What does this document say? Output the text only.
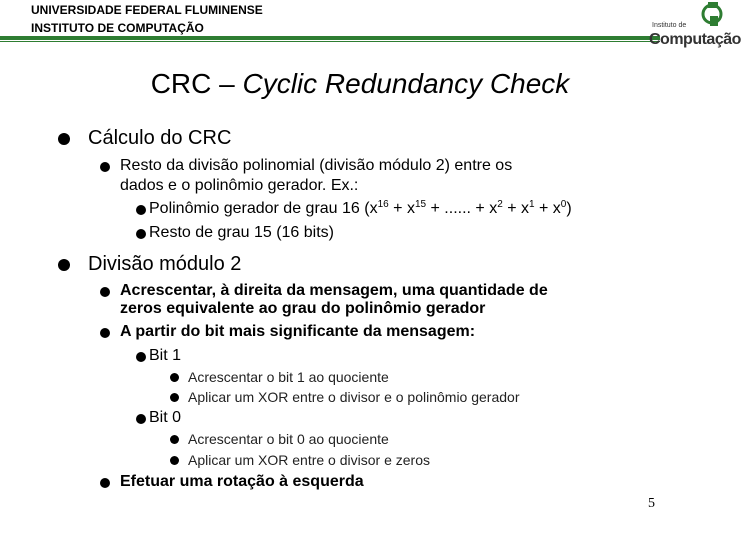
UNIVERSIDADE FEDERAL FLUMINENSE
INSTITUTO DE COMPUTAÇÃO	Instituto de
Computação
CRC – Cyclic Redundancy Check
Cálculo do CRC
Resto da divisão polinomial (divisão módulo 2) entre os
dados e o polinômio gerador. Ex.:
Polinômio gerador de grau 16 ($x^{16} + x^{15}$ + ...... + $x^2 + x^1 + x^0$)
Resto de grau 15 (16 bits)
Divisão módulo 2
Acrescentar, à direita da mensagem, uma quantidade de
zeros equivalente ao grau do polinômio gerador
A partir do bit mais significante da mensagem:
Bit 1
Acrescentar o bit 1 ao quociente
Aplicar um XOR entre o divisor e o polinômio gerador
Bit 0
Acrescentar o bit 0 ao quociente
Aplicar um XOR entre o divisor e zeros
Efetuar uma rotação à esquerda
5
